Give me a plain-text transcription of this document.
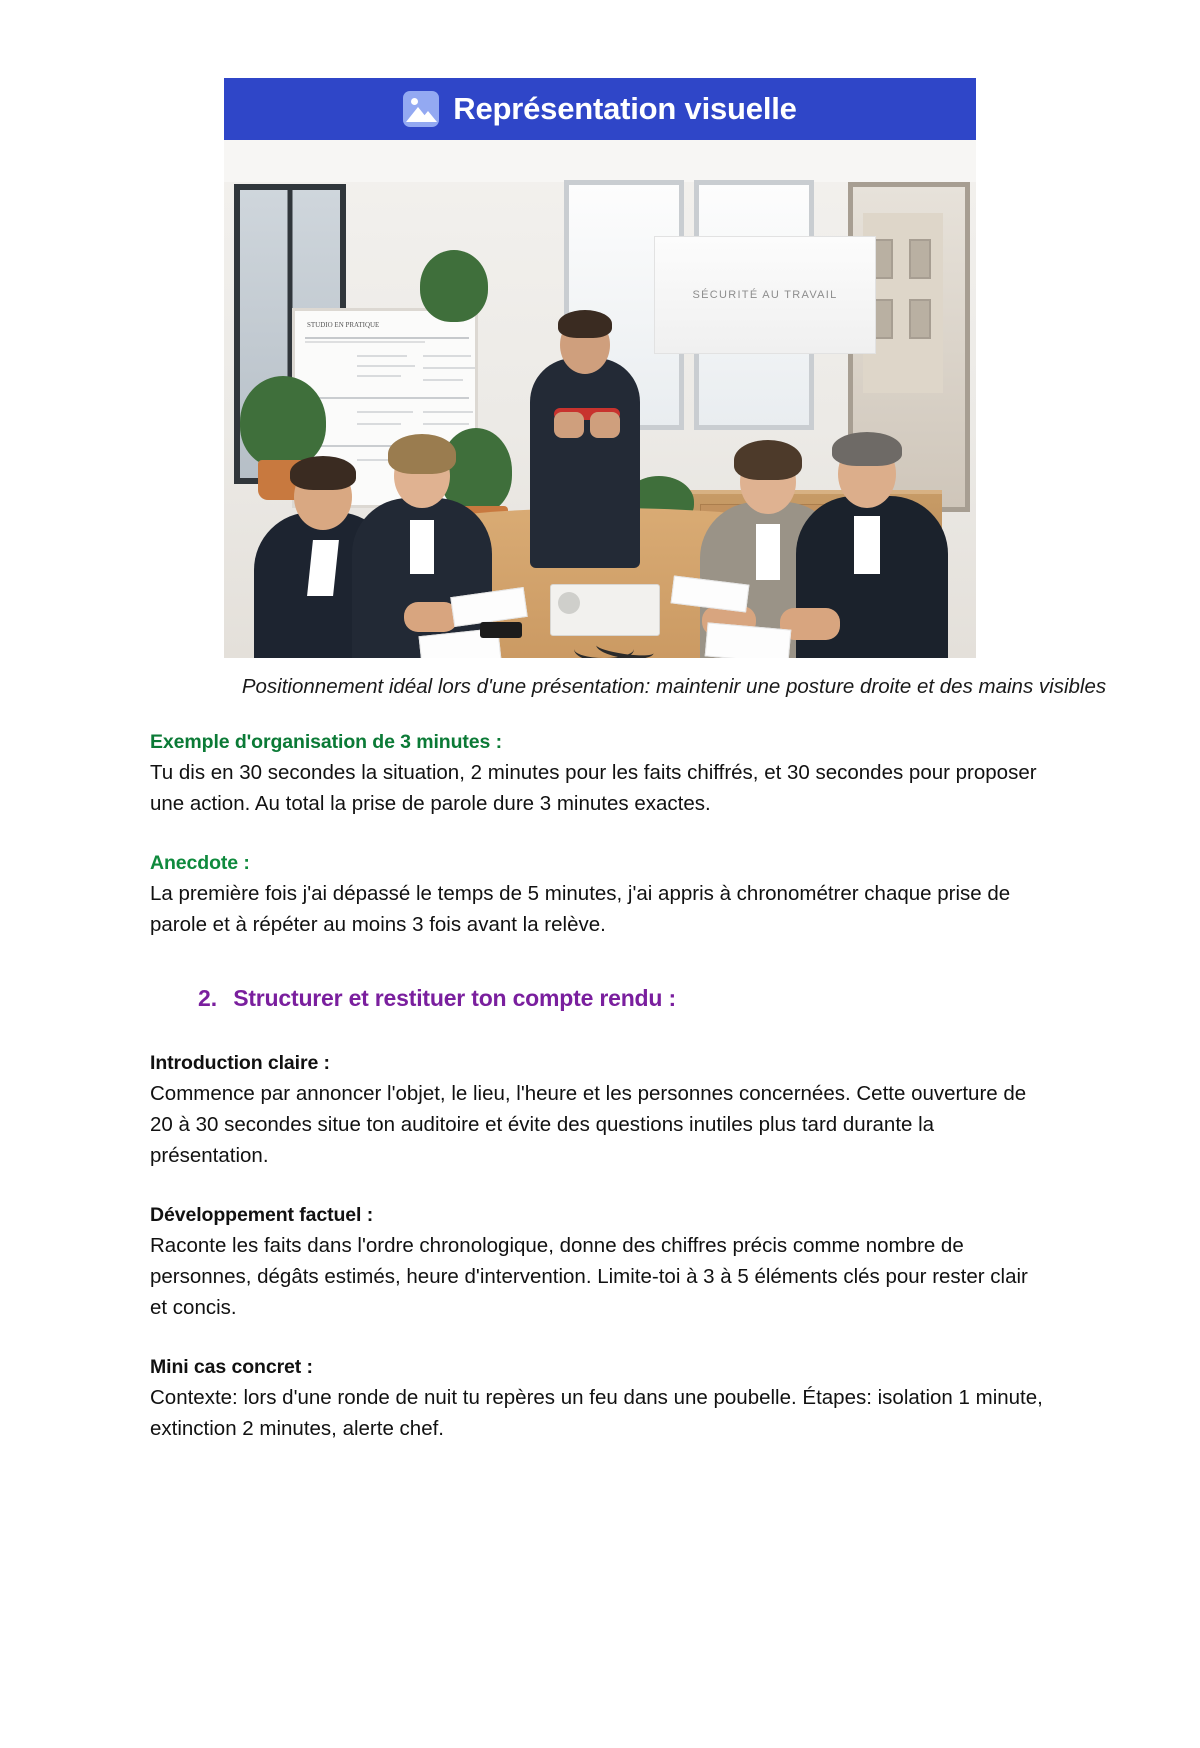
Représentation visuelle
STUDIO EN PRATIQUE
SÉCURITÉ AU TRAVAIL
Positionnement idéal lors d'une présentation: maintenir une posture droite et des mains visibles
Exemple d'organisation de 3 minutes :

Tu dis en 30 secondes la situation, 2 minutes pour les faits chiffrés, et 30 secondes pour proposer une action. Au total la prise de parole dure 3 minutes exactes.

Anecdote :

La première fois j'ai dépassé le temps de 5 minutes, j'ai appris à chronométrer chaque prise de parole et à répéter au moins 3 fois avant la relève.

2. Structurer et restituer ton compte rendu :
Introduction claire :

Commence par annoncer l'objet, le lieu, l'heure et les personnes concernées. Cette ouverture de 20 à 30 secondes situe ton auditoire et évite des questions inutiles plus tard durante la présentation.

Développement factuel :

Raconte les faits dans l'ordre chronologique, donne des chiffres précis comme nombre de personnes, dégâts estimés, heure d'intervention. Limite-toi à 3 à 5 éléments clés pour rester clair et concis.

Mini cas concret :

Contexte: lors d'une ronde de nuit tu repères un feu dans une poubelle. Étapes: isolation 1 minute, extinction 2 minutes, alerte chef.
